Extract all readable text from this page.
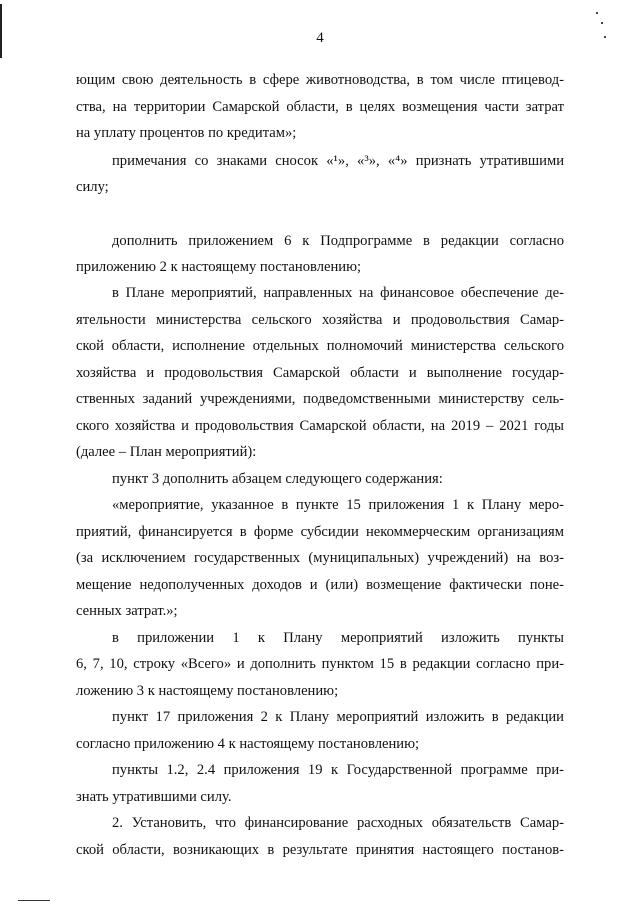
4
ющим свою деятельность в сфере животноводства, в том числе птицевод-
ства, на территории Самарской области, в целях возмещения части затрат
на уплату процентов по кредитам»;
примечания со знаками сносок «¹», «³», «⁴» признать утратившими
силу;
дополнить приложением 6 к Подпрограмме в редакции согласно
приложению 2 к настоящему постановлению;
в Плане мероприятий, направленных на финансовое обеспечение де-
ятельности министерства сельского хозяйства и продовольствия Самар-
ской области, исполнение отдельных полномочий министерства сельского
хозяйства и продовольствия Самарской области и выполнение государ-
ственных заданий учреждениями, подведомственными министерству сель-
ского хозяйства и продовольствия Самарской области, на 2019 – 2021 годы
(далее – План мероприятий):
пункт 3 дополнить абзацем следующего содержания:
«мероприятие, указанное в пункте 15 приложения 1 к Плану меро-
приятий, финансируется в форме субсидии некоммерческим организациям
(за исключением государственных (муниципальных) учреждений) на воз-
мещение недополученных доходов и (или) возмещение фактически поне-
сенных затрат.»;
в приложении 1 к Плану мероприятий изложить пункты
6, 7, 10, строку «Всего» и дополнить пунктом 15 в редакции согласно при-
ложению 3 к настоящему постановлению;
пункт 17 приложения 2 к Плану мероприятий изложить в редакции
согласно приложению 4 к настоящему постановлению;
пункты 1.2, 2.4 приложения 19 к Государственной программе при-
знать утратившими силу.
2. Установить, что финансирование расходных обязательств Самар-
ской области, возникающих в результате принятия настоящего постанов-
